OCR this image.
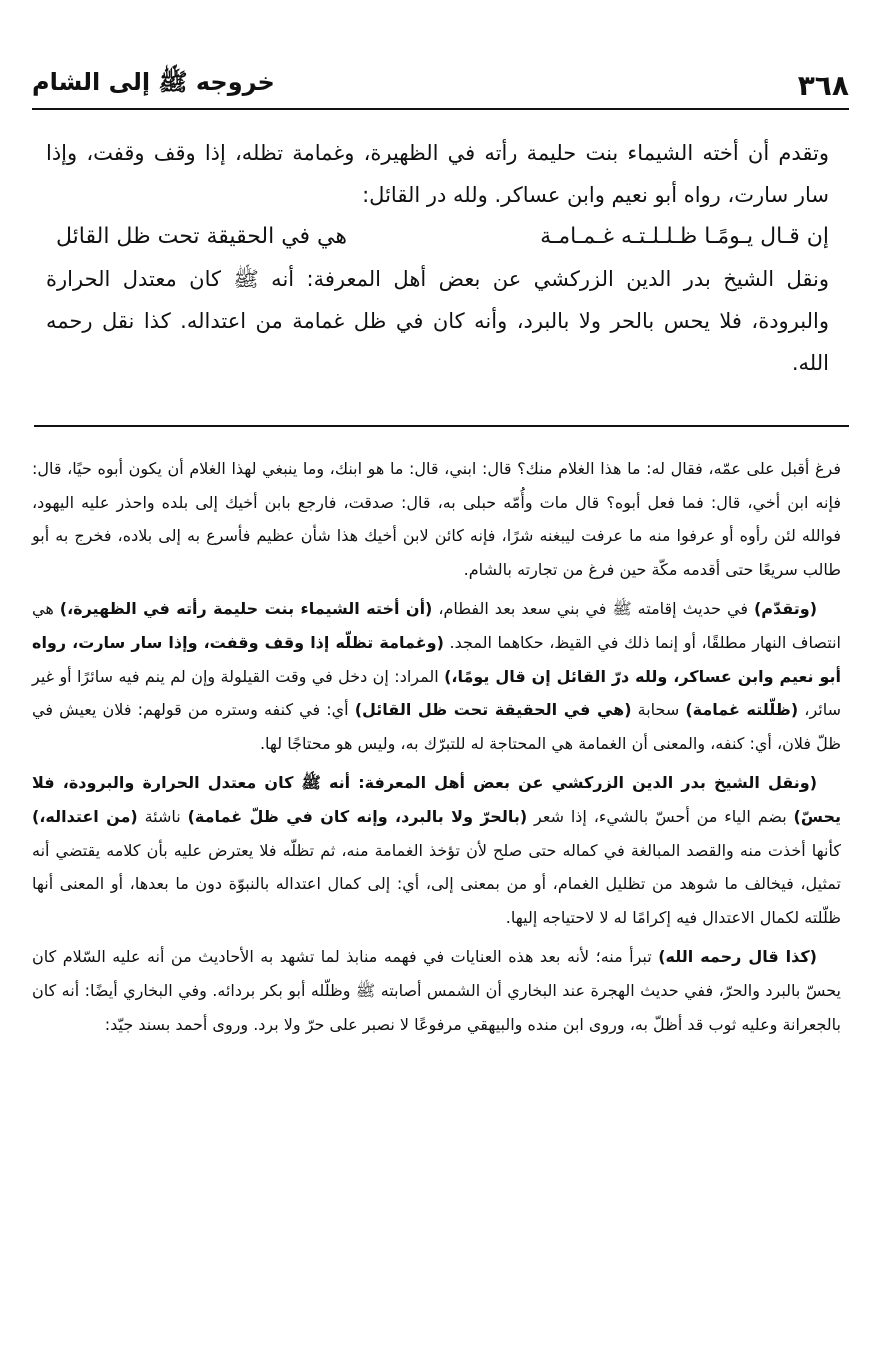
٣٦٨
خروجه ﷺ إلى الشام

وتقدم أن أخته الشيماء بنت حليمة رأته في الظهيرة، وغمامة تظله، إذا وقف وقفت، وإذا سار سارت، رواه أبو نعيم وابن عساكر. ولله در القائل:

إن قـال يـومًـا ظـلـلـتـه غـمـامـة
هي في الحقيقة تحت ظل القائل

ونقل الشيخ بدر الدين الزركشي عن بعض أهل المعرفة: أنه ﷺ كان معتدل الحرارة والبرودة، فلا يحس بالحر ولا بالبرد، وأنه كان في ظل غمامة من اعتداله. كذا نقل رحمه الله.

فرغ أقبل على عمّه، فقال له: ما هذا الغلام منك؟ قال: ابني، قال: ما هو ابنك، وما ينبغي لهذا الغلام أن يكون أبوه حيًا، قال: فإنه ابن أخي، قال: فما فعل أبوه؟ قال مات وأُمّه حبلى به، قال: صدقت، فارجع بابن أخيك إلى بلده واحذر عليه اليهود، فوالله لئن رأوه أو عرفوا منه ما عرفت ليبغنه شرًا، فإنه كائن لابن أخيك هذا شأن عظيم فأسرع به إلى بلاده، فخرج به أبو طالب سريعًا حتى أقدمه مكّة حين فرغ من تجارته بالشام.

(وتقدّم) في حديث إقامته ﷺ في بني سعد بعد الفطام، (أن أخته الشيماء بنت حليمة رأته في الظهيرة،) هي انتصاف النهار مطلقًا، أو إنما ذلك في القيظ، حكاهما المجد. (وغمامة تظلّه إذا وقف وقفت، وإذا سار سارت، رواه أبو نعيم وابن عساكر، ولله درّ القائل إن قال يومًا،) المراد: إن دخل في وقت القيلولة وإن لم ينم فيه سائرًا أو غير سائر، (ظلّلته غمامة) سحابة (هي في الحقيقة تحت ظل القائل) أي: في كنفه وستره من قولهم: فلان يعيش في ظلّ فلان، أي: كنفه، والمعنى أن الغمامة هي المحتاجة له للتبرّك به، وليس هو محتاجًا لها.

(ونقل الشيخ بدر الدين الزركشي عن بعض أهل المعرفة: أنه ﷺ كان معتدل الحرارة والبرودة، فلا يحسّ) بضم الياء من أحسّ بالشيء، إذا شعر (بالحرّ ولا بالبرد، وإنه كان في ظلّ غمامة) ناشئة (من اعتداله،) كأنها أخذت منه والقصد المبالغة في كماله حتى صلح لأن تؤخذ الغمامة منه، ثم تظلّه فلا يعترض عليه بأن كلامه يقتضي أنه تمثيل، فيخالف ما شوهد من تظليل الغمام، أو من بمعنى إلى، أي: إلى كمال اعتداله بالنبوّة دون ما بعدها، أو المعنى أنها ظلّلته لكمال الاعتدال فيه إكرامًا له لا لاحتياجه إليها.

(كذا قال رحمه الله) تبرأ منه؛ لأنه بعد هذه العنايات في فهمه منابذ لما تشهد به الأحاديث من أنه عليه السّلام كان يحسّ بالبرد والحرّ، ففي حديث الهجرة عند البخاري أن الشمس أصابته ﷺ وظلّله أبو بكر بردائه. وفي البخاري أيضًا: أنه كان بالجعرانة وعليه ثوب قد أظلّ به، وروى ابن منده والبيهقي مرفوعًا لا نصبر على حرّ ولا برد. وروى أحمد بسند جيّد:
